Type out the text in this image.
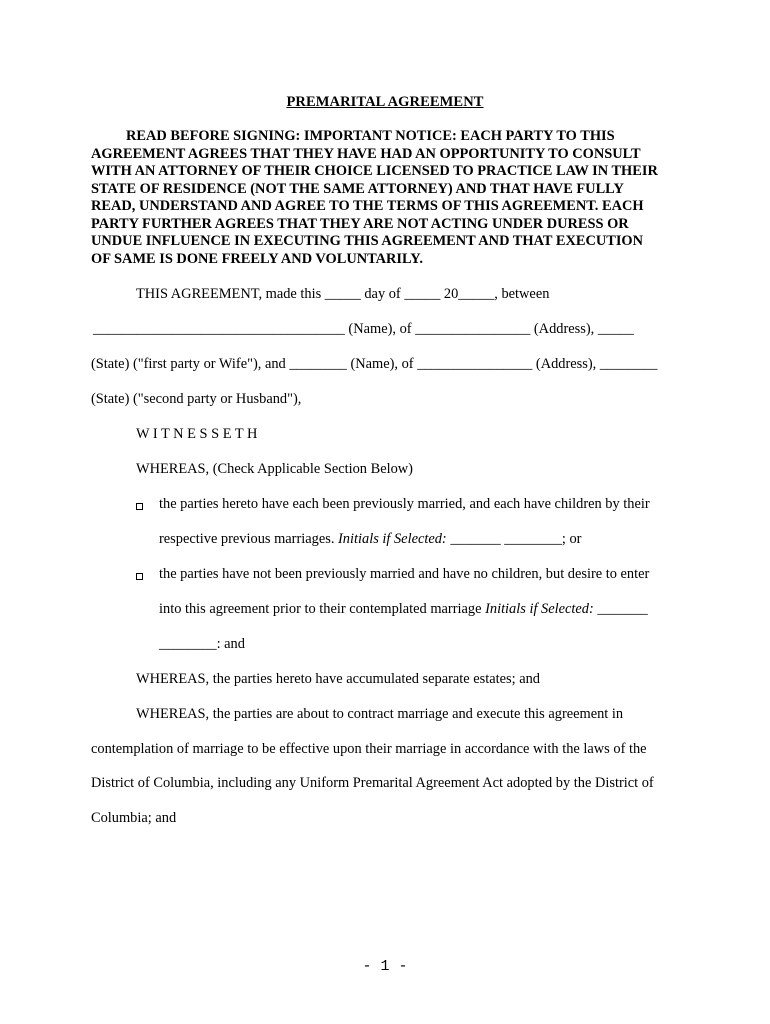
PREMARITAL AGREEMENT
READ BEFORE SIGNING: IMPORTANT NOTICE: EACH PARTY TO THIS
AGREEMENT AGREES THAT THEY HAVE HAD AN OPPORTUNITY TO CONSULT
WITH AN ATTORNEY OF THEIR CHOICE LICENSED TO PRACTICE LAW IN THEIR
STATE OF RESIDENCE (NOT THE SAME ATTORNEY) AND THAT HAVE FULLY
READ, UNDERSTAND AND AGREE TO THE TERMS OF THIS AGREEMENT. EACH
PARTY FURTHER AGREES THAT THEY ARE NOT ACTING UNDER DURESS OR
UNDUE INFLUENCE IN EXECUTING THIS AGREEMENT AND THAT EXECUTION
OF SAME IS DONE FREELY AND VOLUNTARILY.
THIS AGREEMENT, made this _____ day of _____ 20_____, between
___________________________________ (Name), of ________________ (Address), _____
(State) ("first party or Wife"), and ________ (Name), of ________________ (Address), ________
(State) ("second party or Husband"),
W I T N E S S E T H
WHEREAS, (Check Applicable Section Below)
the parties hereto have each been previously married, and each have children by their
respective previous marriages. Initials if Selected: _______ ________; or
the parties have not been previously married and have no children, but desire to enter
into this agreement prior to their contemplated marriage Initials if Selected: _______
________: and
WHEREAS, the parties hereto have accumulated separate estates; and
WHEREAS, the parties are about to contract marriage and execute this agreement in
contemplation of marriage to be effective upon their marriage in accordance with the laws of the
District of Columbia, including any Uniform Premarital Agreement Act adopted by the District of
Columbia; and
- 1 -
